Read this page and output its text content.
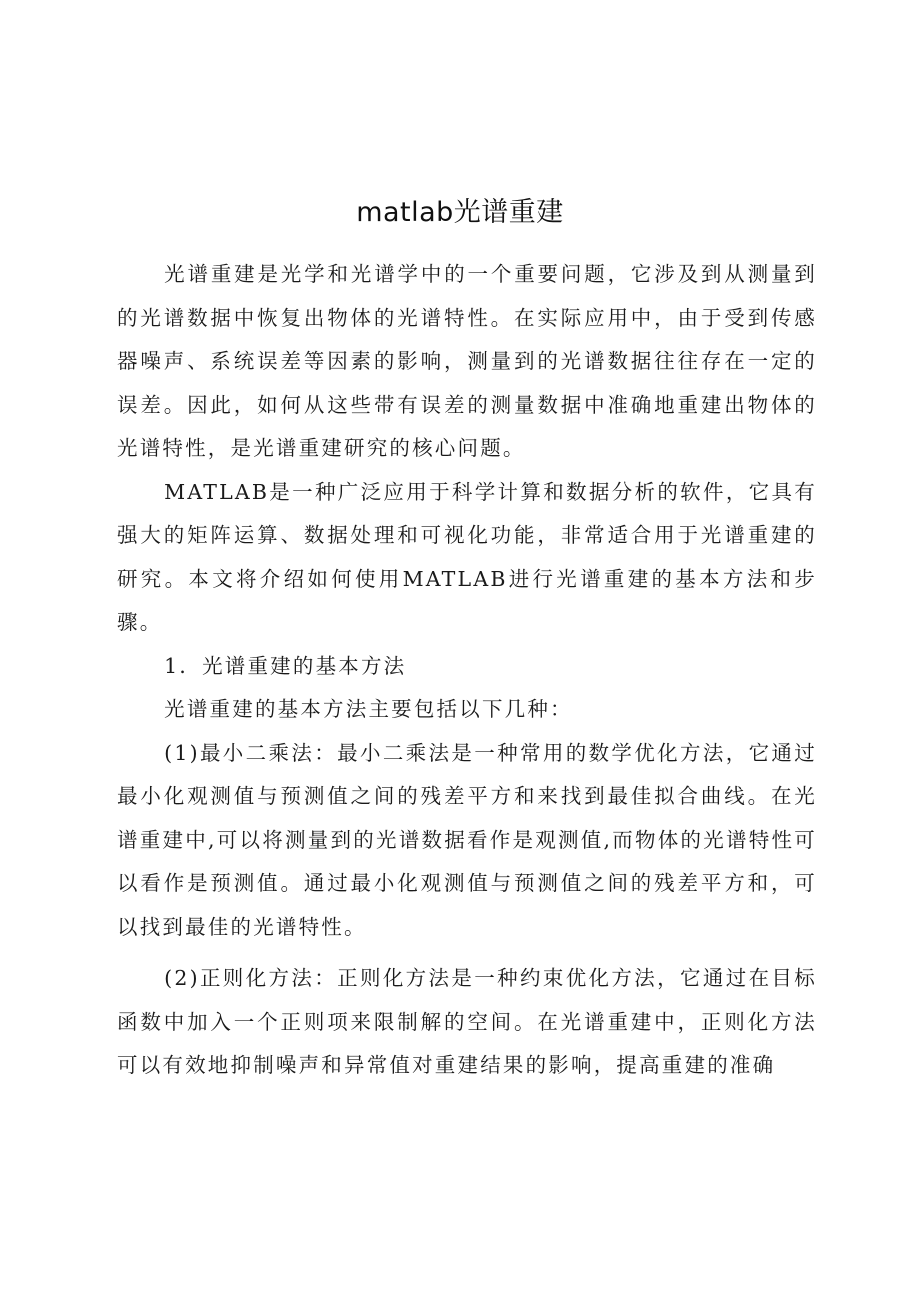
matlab光谱重建

光谱重建是光学和光谱学中的一个重要问题，它涉及到从测量到的光谱数据中恢复出物体的光谱特性。在实际应用中，由于受到传感器噪声、系统误差等因素的影响，测量到的光谱数据往往存在一定的误差。因此，如何从这些带有误差的测量数据中准确地重建出物体的光谱特性，是光谱重建研究的核心问题。

MATLAB是一种广泛应用于科学计算和数据分析的软件，它具有强大的矩阵运算、数据处理和可视化功能，非常适合用于光谱重建的研究。本文将介绍如何使用MATLAB进行光谱重建的基本方法和步骤。

1．光谱重建的基本方法

光谱重建的基本方法主要包括以下几种：

(1)最小二乘法：最小二乘法是一种常用的数学优化方法，它通过最小化观测值与预测值之间的残差平方和来找到最佳拟合曲线。在光谱重建中,可以将测量到的光谱数据看作是观测值,而物体的光谱特性可以看作是预测值。通过最小化观测值与预测值之间的残差平方和，可以找到最佳的光谱特性。

(2)正则化方法：正则化方法是一种约束优化方法，它通过在目标函数中加入一个正则项来限制解的空间。在光谱重建中，正则化方法可以有效地抑制噪声和异常值对重建结果的影响，提高重建的准确
